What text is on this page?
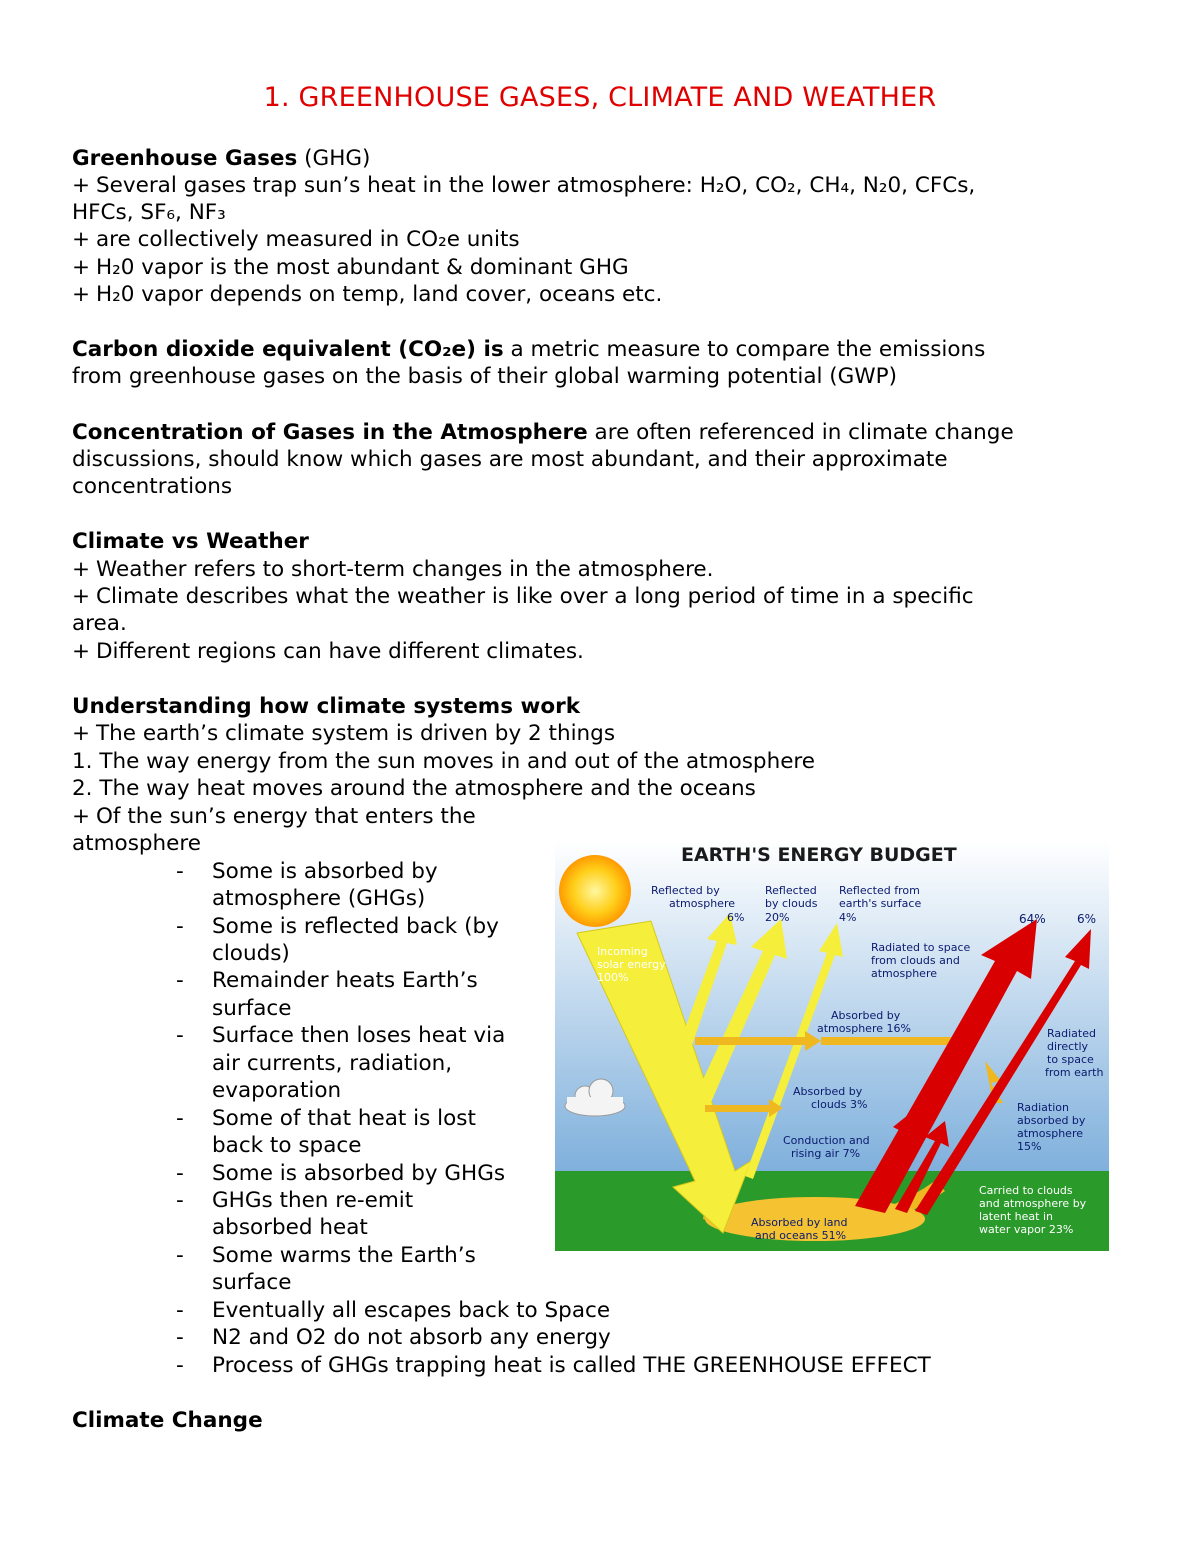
1. GREENHOUSE GASES, CLIMATE AND WEATHER
Greenhouse Gases (GHG)
+ Several gases trap sun’s heat in the lower atmosphere: H₂O, CO₂, CH₄, N₂0, CFCs,
HFCs, SF₆, NF₃
+ are collectively measured in CO₂e units
+ H₂0 vapor is the most abundant & dominant GHG
+ H₂0 vapor depends on temp, land cover, oceans etc.
Carbon dioxide equivalent (CO₂e) is a metric measure to compare the emissions
from greenhouse gases on the basis of their global warming potential (GWP)
Concentration of Gases in the Atmosphere are often referenced in climate change
discussions, should know which gases are most abundant, and their approximate
concentrations
Climate vs Weather
+ Weather refers to short-term changes in the atmosphere.
+ Climate describes what the weather is like over a long period of time in a specific
area.
+ Different regions can have different climates.
Understanding how climate systems work
+ The earth’s climate system is driven by 2 things
1. The way energy from the sun moves in and out of the atmosphere
2. The way heat moves around the atmosphere and the oceans
+ Of the sun’s energy that enters the
atmosphere
- Some is absorbed by
atmosphere (GHGs)
- Some is reflected back (by
clouds)
- Remainder heats Earth’s
surface
- Surface then loses heat via
air currents, radiation,
evaporation
- Some of that heat is lost
back to space
- Some is absorbed by GHGs
- GHGs then re-emit
absorbed heat
- Some warms the Earth’s
surface
- Eventually all escapes back to Space
- N2 and O2 do not absorb any energy
- Process of GHGs trapping heat is called THE GREENHOUSE EFFECT
Climate Change
EARTH'S ENERGY BUDGET
Reflected by
atmosphere
6%
Reflected
by clouds
20%
Reflected from
earth's surface
4%	64%	6%
Incoming
solar energy
100%
Radiated to space
from clouds and
atmosphere
Absorbed by
atmosphere 16%	Radiated
directly
to space
from earth
Absorbed by
clouds 3%	Radiation
absorbed by
atmosphere
15%
Conduction and
rising air 7%
Carried to clouds
and atmosphere by
latent heat in
water vapor 23%
Absorbed by land
and oceans 51%
